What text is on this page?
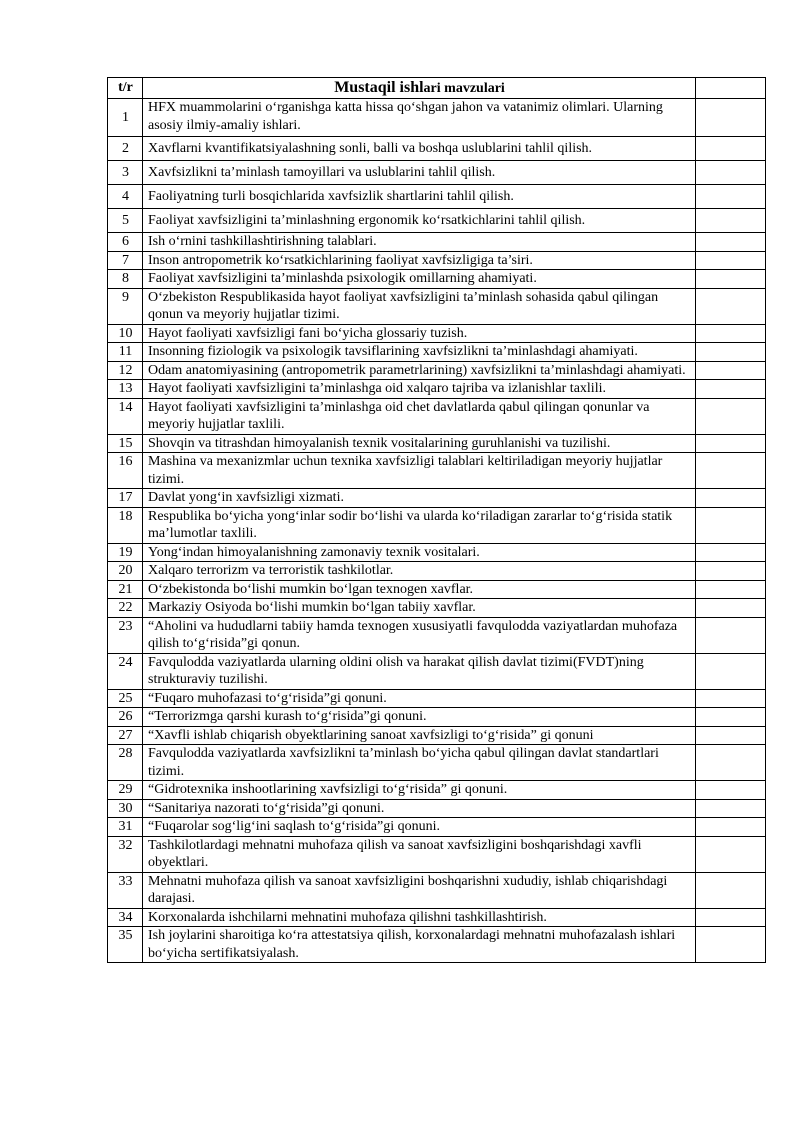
t/r	Mustaqil ishlari mavzulari	
1	HFX muammolarini o‘rganishga katta hissa qo‘shgan jahon va vatanimiz olimlari. Ularning asosiy ilmiy-amaliy ishlari.	
2	Xavflarni kvantifikatsiyalashning sonli, balli va boshqa uslublarini tahlil qilish.	
3	Xavfsizlikni ta’minlash tamoyillari va uslublarini tahlil qilish.	
4	Faoliyatning turli bosqichlarida xavfsizlik shartlarini tahlil qilish.	
5	Faoliyat xavfsizligini ta’minlashning ergonomik ko‘rsatkichlarini tahlil qilish.	
6	Ish o‘rnini tashkillashtirishning talablari.	
7	Inson antropometrik ko‘rsatkichlarining faoliyat xavfsizligiga ta’siri.	
8	Faoliyat xavfsizligini ta’minlashda psixologik omillarning ahamiyati.	
9	O‘zbekiston Respublikasida hayot faoliyat xavfsizligini ta’minlash sohasida qabul qilingan qonun va meyoriy hujjatlar tizimi.	
10	Hayot faoliyati xavfsizligi fani bo‘yicha glossariy tuzish.	
11	Insonning fiziologik va psixologik tavsiflarining xavfsizlikni ta’minlashdagi ahamiyati.	
12	Odam anatomiyasining (antropometrik parametrlarining) xavfsizlikni ta’minlashdagi ahamiyati.	
13	Hayot faoliyati xavfsizligini ta’minlashga oid xalqaro tajriba va izlanishlar taxlili.	
14	Hayot faoliyati xavfsizligini ta’minlashga oid chet davlatlarda qabul qilingan qonunlar va meyoriy hujjatlar taxlili.	
15	Shovqin va titrashdan himoyalanish texnik vositalarining guruhlanishi va tuzilishi.	
16	Mashina va mexanizmlar uchun texnika xavfsizligi talablari keltiriladigan meyoriy hujjatlar tizimi.	
17	Davlat yong‘in xavfsizligi xizmati.	
18	Respublika bo‘yicha yong‘inlar sodir bo‘lishi va ularda ko‘riladigan zararlar to‘g‘risida statik ma’lumotlar taxlili.	
19	Yong‘indan himoyalanishning zamonaviy texnik vositalari.	
20	Xalqaro terrorizm va terroristik tashkilotlar.	
21	O‘zbekistonda bo‘lishi mumkin bo‘lgan texnogen xavflar.	
22	Markaziy Osiyoda bo‘lishi mumkin bo‘lgan tabiiy xavflar.	
23	“Aholini va hududlarni tabiiy hamda texnogen xususiyatli favqulodda vaziyatlardan muhofaza qilish to‘g‘risida”gi qonun.	
24	Favqulodda vaziyatlarda ularning oldini olish va harakat qilish davlat tizimi(FVDT)ning strukturaviy tuzilishi.	
25	“Fuqaro muhofazasi to‘g‘risida”gi qonuni.	
26	“Terrorizmga qarshi kurash to‘g‘risida”gi qonuni.	
27	“Xavfli ishlab chiqarish obyektlarining sanoat xavfsizligi to‘g‘risida” gi qonuni	
28	Favqulodda vaziyatlarda xavfsizlikni ta’minlash bo‘yicha qabul qilingan davlat standartlari tizimi.	
29	“Gidrotexnika inshootlarining xavfsizligi to‘g‘risida” gi qonuni.	
30	“Sanitariya nazorati to‘g‘risida”gi qonuni.	
31	“Fuqarolar sog‘lig‘ini saqlash to‘g‘risida”gi qonuni.	
32	Tashkilotlardagi mehnatni muhofaza qilish va sanoat xavfsizligini boshqarishdagi xavfli obyektlari.	
33	Mehnatni muhofaza qilish va sanoat xavfsizligini boshqarishni xududiy, ishlab chiqarishdagi darajasi.	
34	Korxonalarda ishchilarni mehnatini muhofaza qilishni tashkillashtirish.	
35	Ish joylarini sharoitiga ko‘ra attestatsiya qilish, korxonalardagi mehnatni muhofazalash ishlari bo‘yicha sertifikatsiyalash.	
